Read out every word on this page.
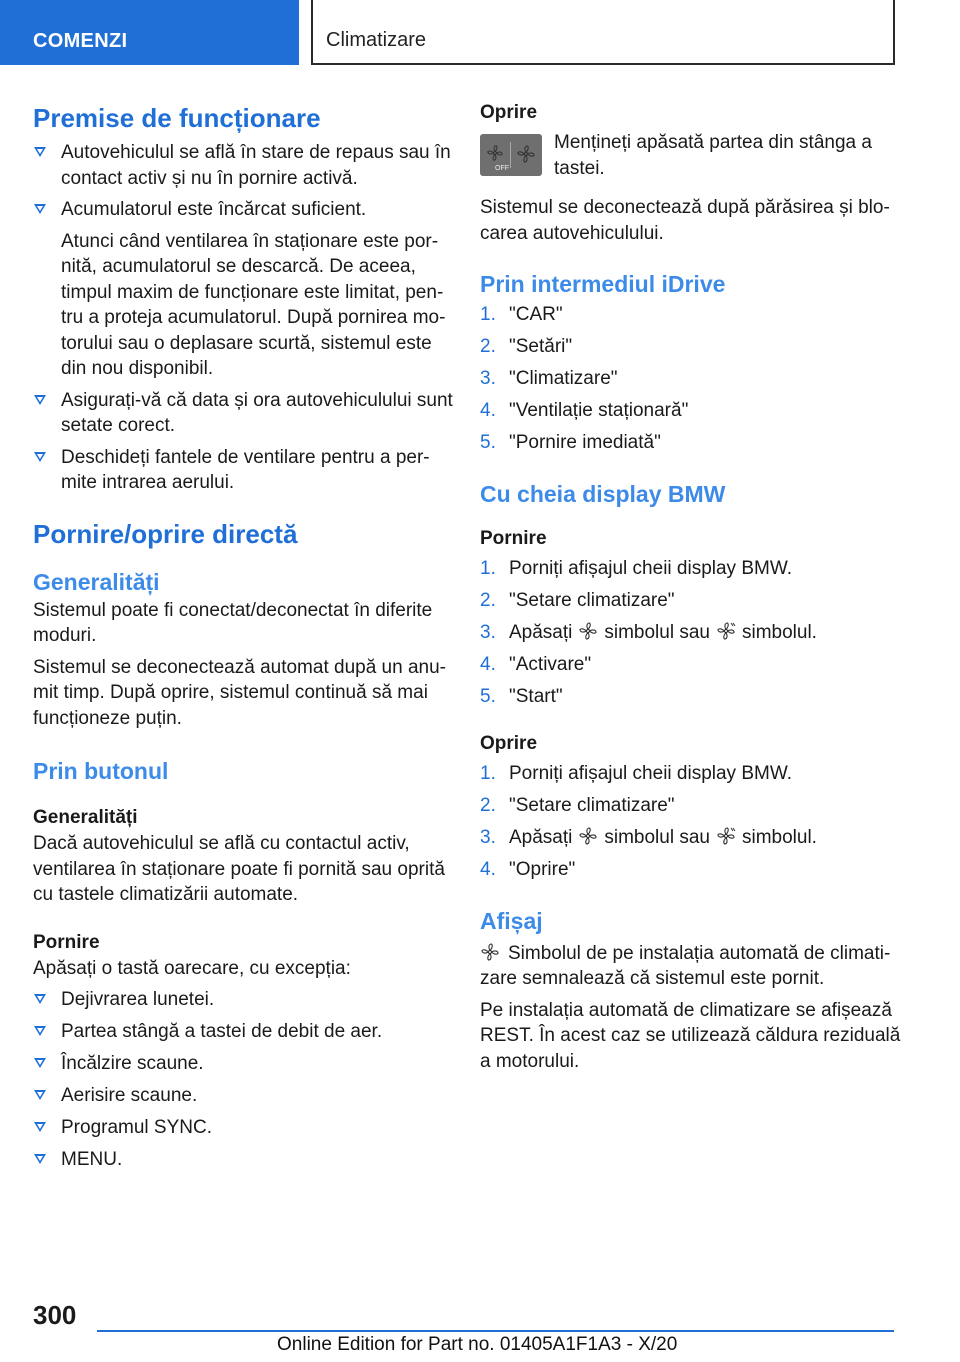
COMENZI	Climatizare
Premise de funcționare
Autovehiculul se află în stare de repaus sau în contact activ și nu în pornire activă.
Acumulatorul este încărcat suficient.

Atunci când ventilarea în staționare este por-nită, acumulatorul se descarcă. De aceea, timpul maxim de funcționare este limitat, pen-tru a proteja acumulatorul. După pornirea mo-torului sau o deplasare scurtă, sistemul este din nou disponibil.

Asigurați-vă că data și ora autovehiculului sunt setate corect.
Deschideți fantele de ventilare pentru a per-mite intrarea aerului.
Pornire/oprire directă
Generalități

Sistemul poate fi conectat/deconectat în diferite moduri.

Sistemul se deconectează automat după un anu-mit timp. După oprire, sistemul continuă să mai funcționeze puțin.

Prin butonul
Generalități

Dacă autovehiculul se află cu contactul activ, ventilarea în staționare poate fi pornită sau oprită cu tastele climatizării automate.

Pornire

Apăsați o tastă oarecare, cu excepția:

Dejivrarea lunetei.
Partea stângă a tastei de debit de aer.
Încălzire scaune.
Aerisire scaune.
Programul SYNC.
MENU.
Oprire
OFF

Mențineți apăsată partea din stânga a tastei.

Sistemul se deconectează după părăsirea și blo-carea autovehiculului.

Prin intermediul iDrive
1. "CAR"
2. "Setări"
3. "Climatizare"
4. "Ventilație staționară"
5. "Pornire imediată"
Cu cheia display BMW
Pornire
1. Porniți afișajul cheii display BMW.
2. "Setare climatizare"
3. Apăsați simbolul sau simbolul.
4. "Activare"
5. "Start"
Oprire
1. Porniți afișajul cheii display BMW.
2. "Setare climatizare"
3. Apăsați simbolul sau simbolul.
4. "Oprire"
Afișaj

Simbolul de pe instalația automată de climati-zare semnalează că sistemul este pornit.

Pe instalația automată de climatizare se afișează REST. În acest caz se utilizează căldura reziduală a motorului.

300
Online Edition for Part no. 01405A1F1A3 - X/20
